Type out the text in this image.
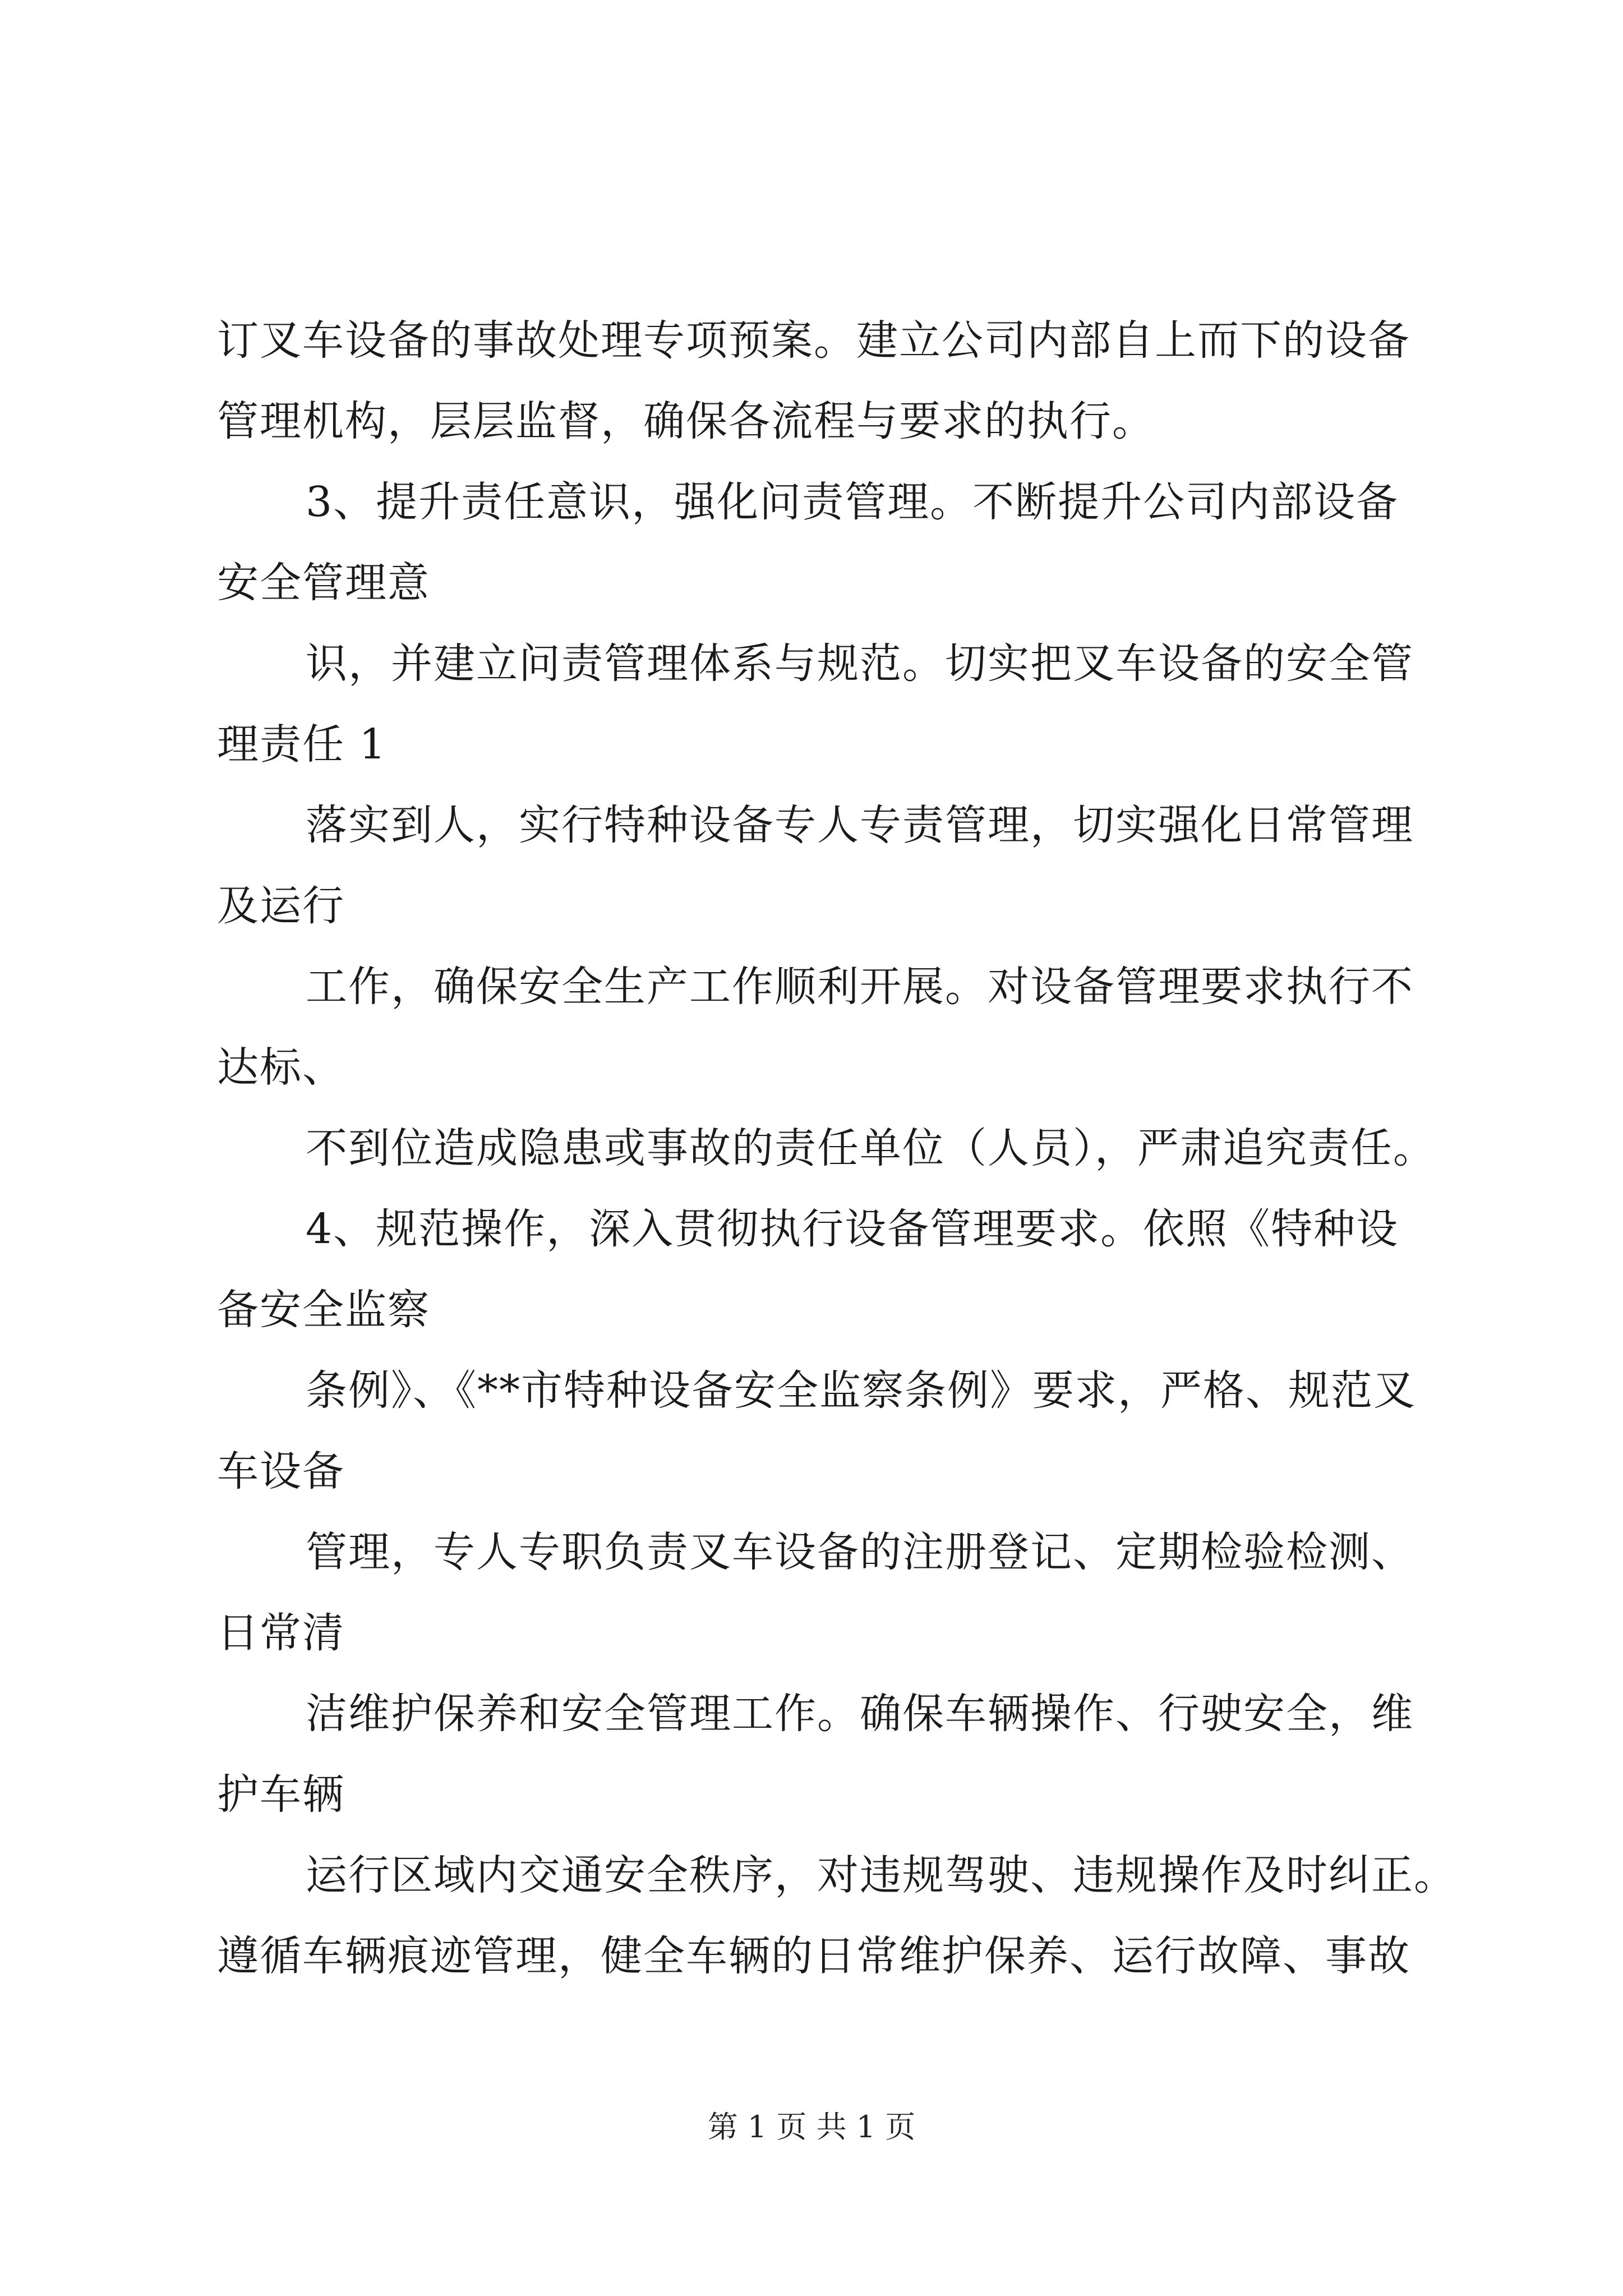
订叉车设备的事故处理专项预案。建立公司内部自上而下的设备
管理机构，层层监督，确保各流程与要求的执行。
3、提升责任意识，强化问责管理。不断提升公司内部设备
安全管理意
识，并建立问责管理体系与规范。切实把叉车设备的安全管
理责任 1
落实到人，实行特种设备专人专责管理，切实强化日常管理
及运行
工作，确保安全生产工作顺利开展。对设备管理要求执行不
达标、
不到位造成隐患或事故的责任单位（人员），严肃追究责任。
4、规范操作，深入贯彻执行设备管理要求。依照《特种设
备安全监察
条例》、《**市特种设备安全监察条例》要求，严格、规范叉
车设备
管理，专人专职负责叉车设备的注册登记、定期检验检测、
日常清
洁维护保养和安全管理工作。确保车辆操作、行驶安全，维
护车辆
运行区域内交通安全秩序，对违规驾驶、违规操作及时纠正。
遵循车辆痕迹管理，健全车辆的日常维护保养、运行故障、事故
第 1 页 共 1 页
